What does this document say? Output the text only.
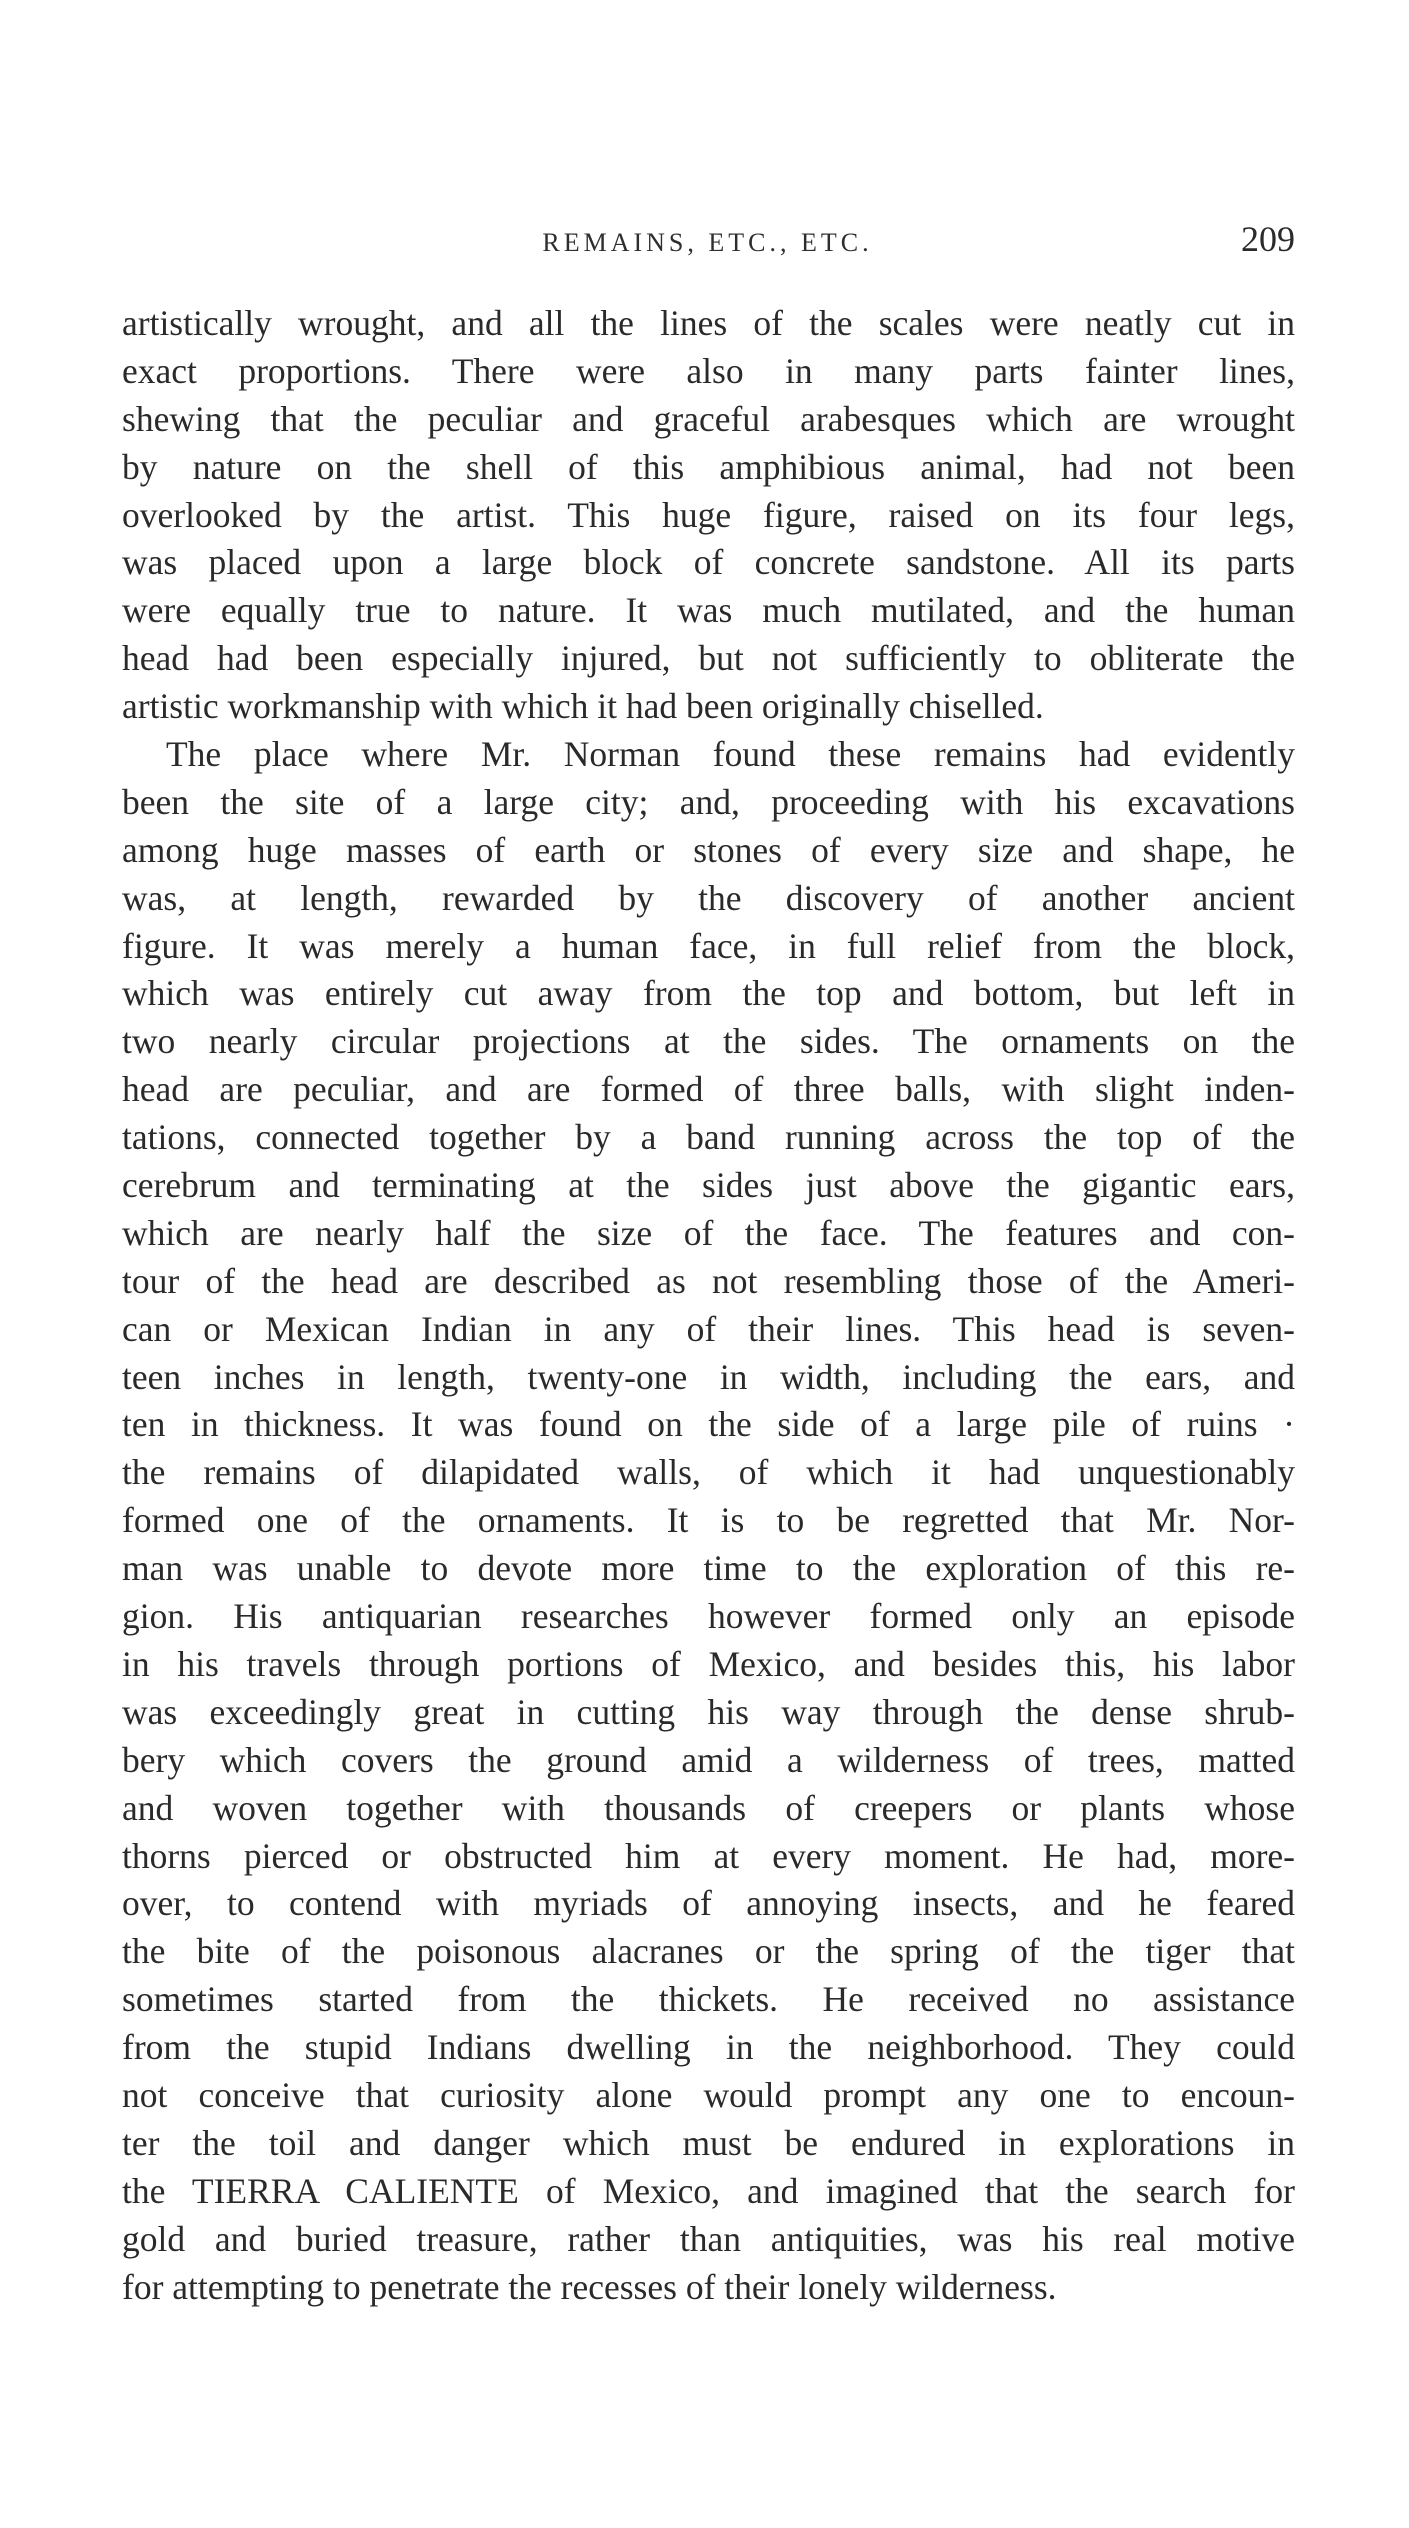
REMAINS, ETC., ETC.	209
artistically wrought, and all the lines of the scales were neatly cut in
exact proportions. There were also in many parts fainter lines,
shewing that the peculiar and graceful arabesques which are wrought
by nature on the shell of this amphibious animal, had not been
overlooked by the artist. This huge figure, raised on its four legs,
was placed upon a large block of concrete sandstone. All its parts
were equally true to nature. It was much mutilated, and the human
head had been especially injured, but not sufficiently to obliterate the
artistic workmanship with which it had been originally chiselled.
The place where Mr. Norman found these remains had evidently
been the site of a large city; and, proceeding with his excavations
among huge masses of earth or stones of every size and shape, he
was, at length, rewarded by the discovery of another ancient
figure. It was merely a human face, in full relief from the block,
which was entirely cut away from the top and bottom, but left in
two nearly circular projections at the sides. The ornaments on the
head are peculiar, and are formed of three balls, with slight inden-
tations, connected together by a band running across the top of the
cerebrum and terminating at the sides just above the gigantic ears,
which are nearly half the size of the face. The features and con-
tour of the head are described as not resembling those of the Ameri-
can or Mexican Indian in any of their lines. This head is seven-
teen inches in length, twenty-one in width, including the ears, and
ten in thickness. It was found on the side of a large pile of ruins ·
the remains of dilapidated walls, of which it had unquestionably
formed one of the ornaments. It is to be regretted that Mr. Nor-
man was unable to devote more time to the exploration of this re-
gion. His antiquarian researches however formed only an episode
in his travels through portions of Mexico, and besides this, his labor
was exceedingly great in cutting his way through the dense shrub-
bery which covers the ground amid a wilderness of trees, matted
and woven together with thousands of creepers or plants whose
thorns pierced or obstructed him at every moment. He had, more-
over, to contend with myriads of annoying insects, and he feared
the bite of the poisonous alacranes or the spring of the tiger that
sometimes started from the thickets. He received no assistance
from the stupid Indians dwelling in the neighborhood. They could
not conceive that curiosity alone would prompt any one to encoun-
ter the toil and danger which must be endured in explorations in
the TIERRA CALIENTE of Mexico, and imagined that the search for
gold and buried treasure, rather than antiquities, was his real motive
for attempting to penetrate the recesses of their lonely wilderness.
